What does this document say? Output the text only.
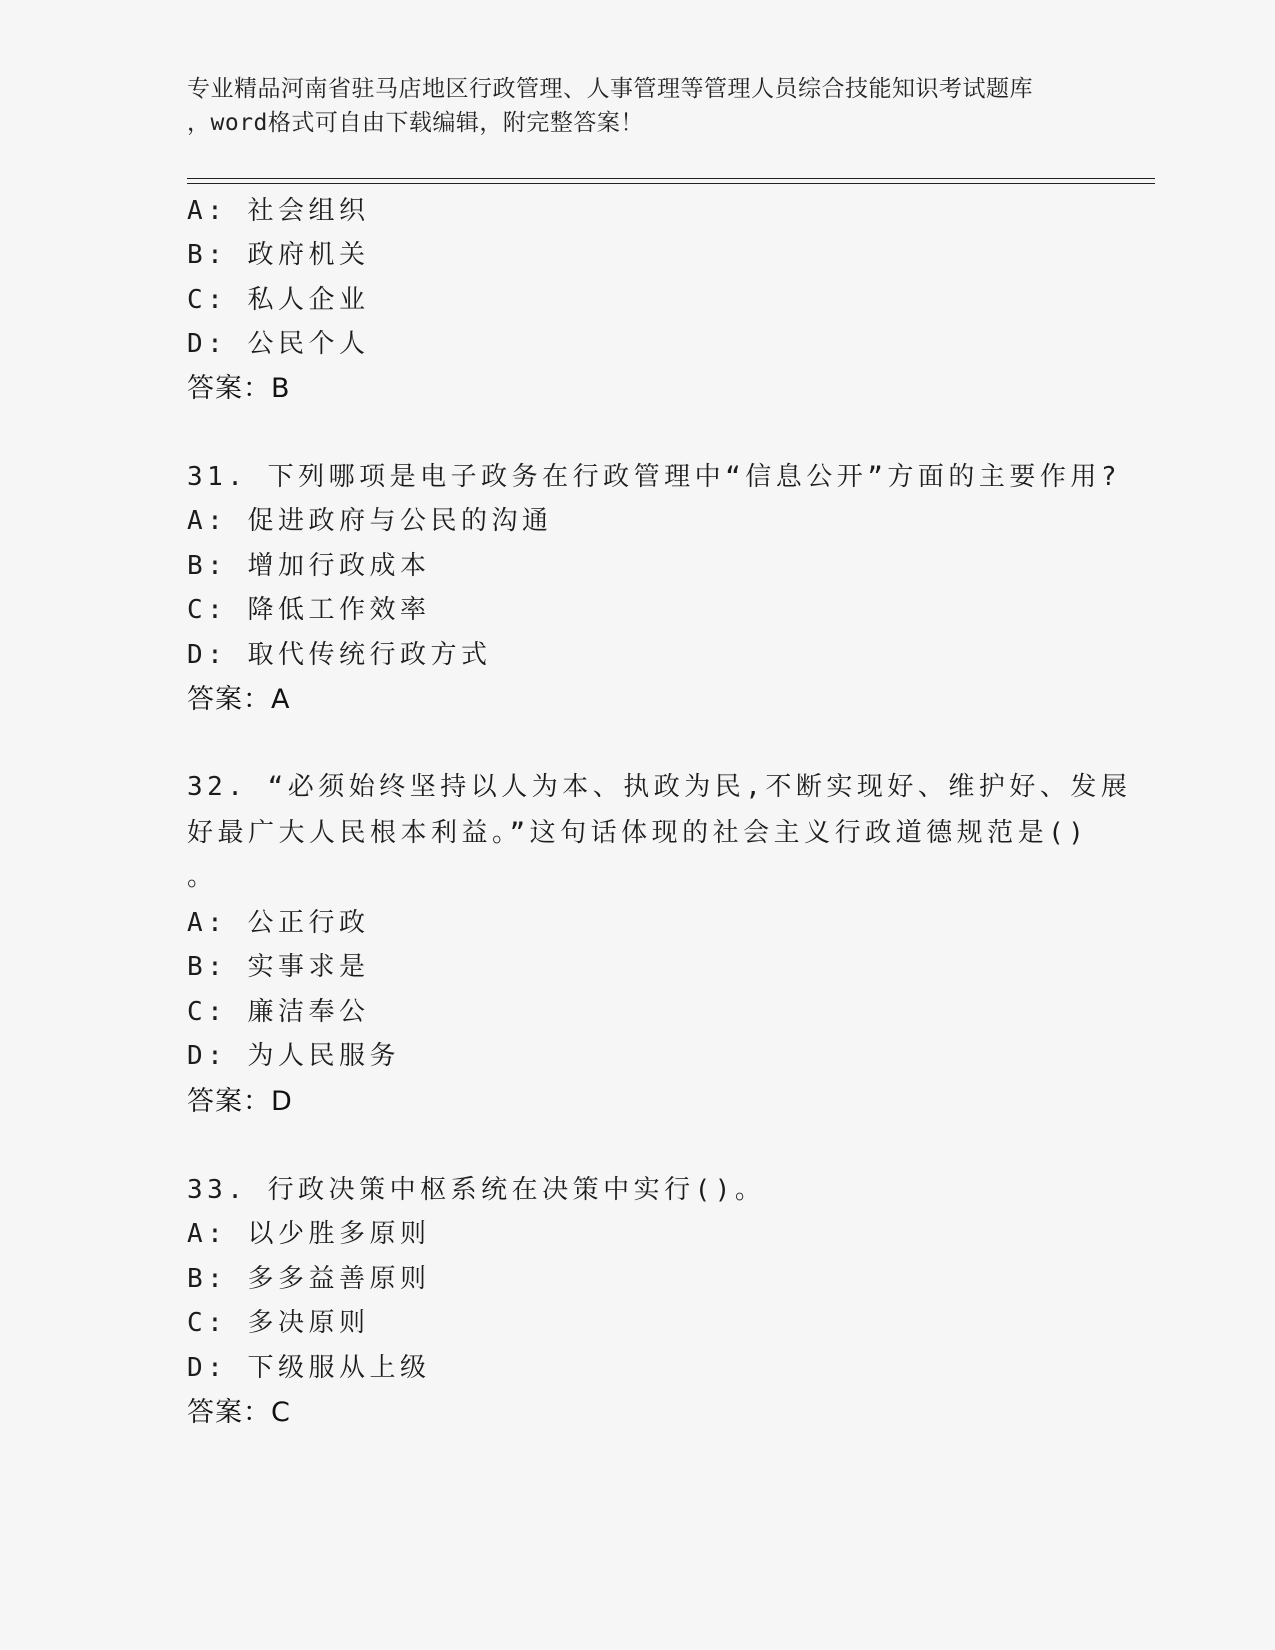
专业精品河南省驻马店地区行政管理、人事管理等管理人员综合技能知识考试题库
，word格式可自由下载编辑，附完整答案！
A: 社会组织
B: 政府机关
C: 私人企业
D: 公民个人
答案：B
31. 下列哪项是电子政务在行政管理中“信息公开”方面的主要作用?
A: 促进政府与公民的沟通
B: 增加行政成本
C: 降低工作效率
D: 取代传统行政方式
答案：A
32. “必须始终坚持以人为本、执政为民,不断实现好、维护好、发展
好最广大人民根本利益。”这句话体现的社会主义行政道德规范是()
。
A: 公正行政
B: 实事求是
C: 廉洁奉公
D: 为人民服务
答案：D
33. 行政决策中枢系统在决策中实行()。
A: 以少胜多原则
B: 多多益善原则
C: 多决原则
D: 下级服从上级
答案：C
